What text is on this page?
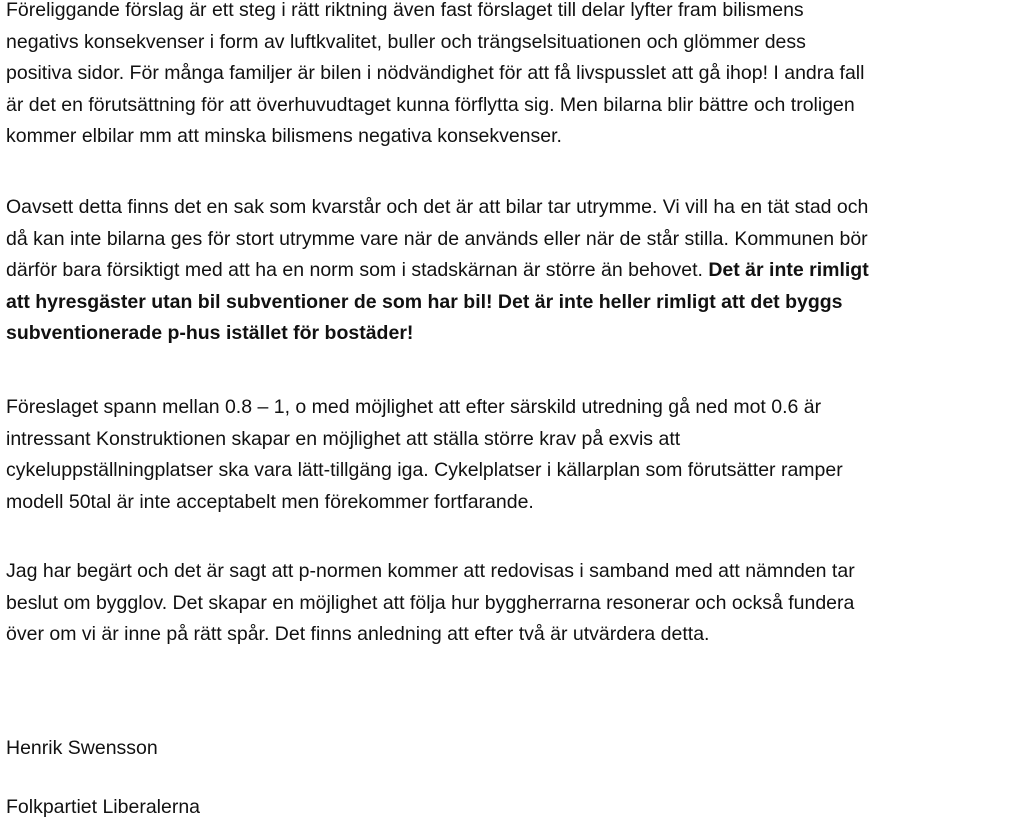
Föreliggande förslag är ett steg i rätt riktning även fast förslaget till delar lyfter fram bilismens
negativs konsekvenser i form av luftkvalitet, buller och trängselsituationen och glömmer dess
positiva sidor. För många familjer är bilen i nödvändighet för att få livspusslet att gå ihop! I andra fall
är det en förutsättning för att överhuvudtaget kunna förflytta sig. Men bilarna blir bättre och troligen
kommer elbilar mm att minska bilismens negativa konsekvenser.

Oavsett detta finns det en sak som kvarstår och det är att bilar tar utrymme. Vi vill ha en tät stad och
då kan inte bilarna ges för stort utrymme vare när de används eller när de står stilla. Kommunen bör
därför bara försiktigt med att ha en norm som i stadskärnan är större än behovet. Det är inte rimligt
att hyresgäster utan bil subventioner de som har bil! Det är inte heller rimligt att det byggs
subventionerade p-hus istället för bostäder!

Föreslaget spann mellan 0.8 – 1, o med möjlighet att efter särskild utredning gå ned mot 0.6 är
intressant Konstruktionen skapar en möjlighet att ställa större krav på exvis att
cykeluppställningplatser ska vara lätt-tillgäng iga. Cykelplatser i källarplan som förutsätter ramper
modell 50tal är inte acceptabelt men förekommer fortfarande.

Jag har begärt och det är sagt att p-normen kommer att redovisas i samband med att nämnden tar
beslut om bygglov. Det skapar en möjlighet att följa hur byggherrarna resonerar och också fundera
över om vi är inne på rätt spår. Det finns anledning att efter två är utvärdera detta.

Henrik Swensson
Folkpartiet Liberalerna
